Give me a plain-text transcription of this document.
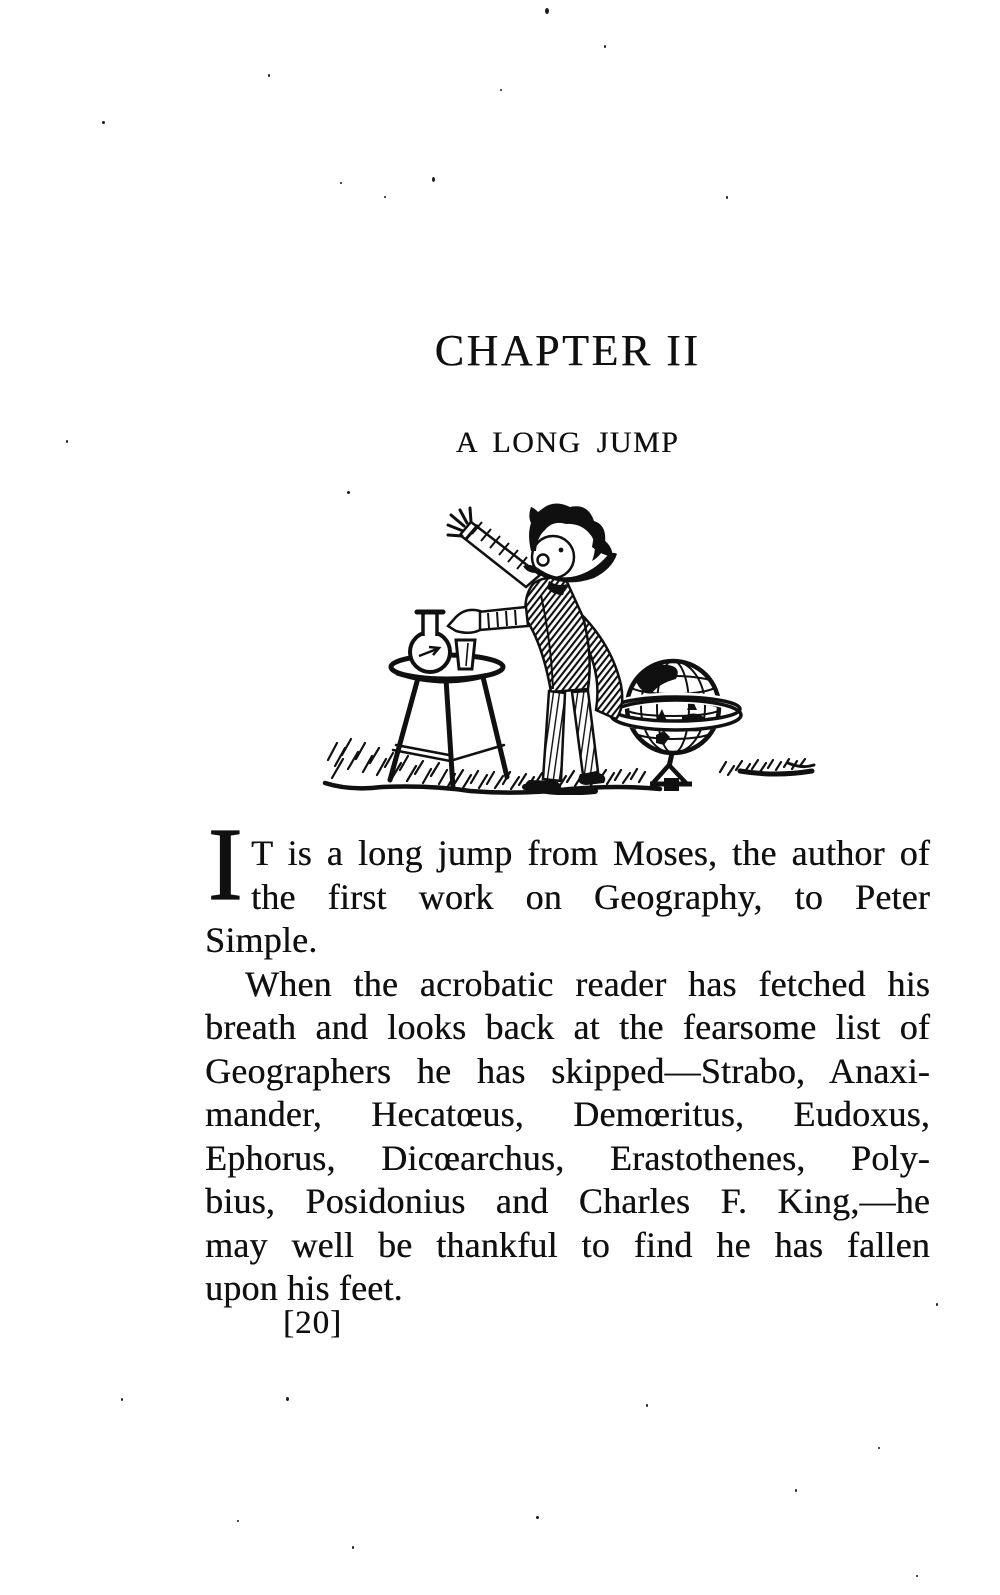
CHAPTER II
A LONG JUMP

I T is a long jump from Moses, the author of
the first work on Geography, to Peter
Simple.
When the acrobatic reader has fetched his
breath and looks back at the fearsome list of
Geographers he has skipped—Strabo, Anaxi-
mander, Hecatœus, Demœritus, Eudoxus,
Ephorus, Dicœarchus, Erastothenes, Poly-
bius, Posidonius and Charles F. King,—he
may well be thankful to find he has fallen
upon his feet.

[20]
